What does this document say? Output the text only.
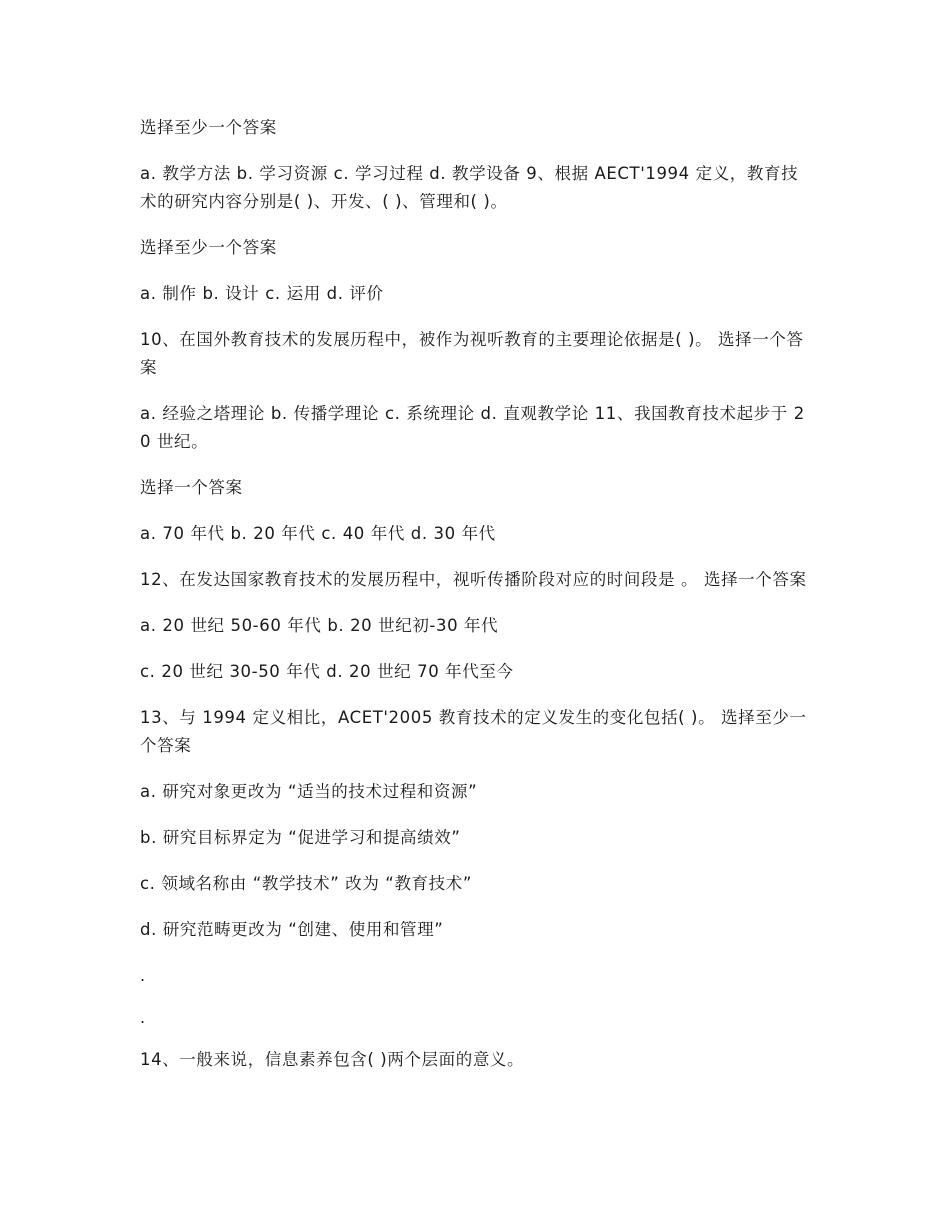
选择至少一个答案

a. 教学方法 b. 学习资源 c. 学习过程 d. 教学设备 9、根据 AECT'1994 定义，教育技术的研究内容分别是( )、开发、( )、管理和( )。

选择至少一个答案

a. 制作 b. 设计 c. 运用 d. 评价

10、在国外教育技术的发展历程中，被作为视听教育的主要理论依据是( )。 选择一个答案

a. 经验之塔理论 b. 传播学理论 c. 系统理论 d. 直观教学论 11、我国教育技术起步于 20 世纪。

选择一个答案

a. 70 年代 b. 20 年代 c. 40 年代 d. 30 年代

12、在发达国家教育技术的发展历程中，视听传播阶段对应的时间段是 。 选择一个答案

a. 20 世纪 50-60 年代 b. 20 世纪初-30 年代

c. 20 世纪 30-50 年代 d. 20 世纪 70 年代至今

13、与 1994 定义相比，ACET'2005 教育技术的定义发生的变化包括( )。 选择至少一个答案

a. 研究对象更改为 “适当的技术过程和资源”

b. 研究目标界定为 “促进学习和提高绩效”

c. 领域名称由 “教学技术” 改为 “教育技术”

d. 研究范畴更改为 “创建、使用和管理”

.

.

14、一般来说，信息素养包含( )两个层面的意义。
